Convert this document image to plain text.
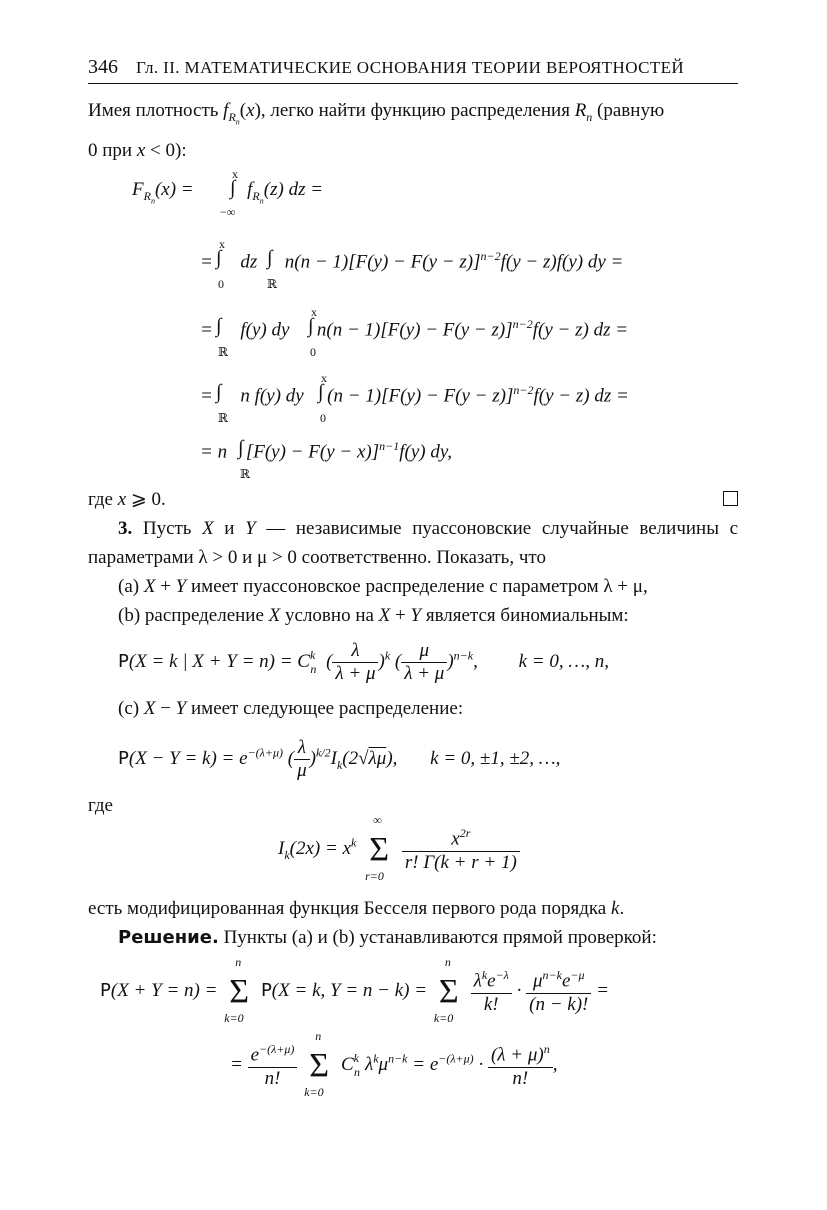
346 Гл. II. МАТЕМАТИЧЕСКИЕ ОСНОВАНИЯ ТЕОРИИ ВЕРОЯТНОСТЕЙ

Имея плотность $f_{R_n}(x)$, легко найти функцию распределения $R_n$ (равную
0 при x < 0):

$F_{R_n}(x)$ =	$f_{R_n}(z)$ dz =
x
∫
−∞
=  dz $n(n - 1)[F(y) - F(y - z)]^{n-2}f(y - z)f(y)$ dy =
x
∫
0
∫
ℝ
=  f(y) dy $n(n - 1)[F(y) - F(y - z)]^{n-2}f(y - z)$ dz =
∫
ℝ
x
∫
0
=  n f(y) dy  $(n - 1)[F(y) - F(y - z)]^{n-2}f(y - z)$ dz =
∫
ℝ
x
∫
0
= n $[F(y) - F(y - x)]^{n-1}f(y)$ dy,
∫
ℝ

где x ⩾ 0.

3. Пусть X и Y — независимые пуассоновские случайные величины с параметрами λ > 0 и μ > 0 соответственно. Показать, что

(a) X + Y имеет пуассоновское распределение с параметром λ + μ,

(b) распределение X условно на X + Y является биномиальным:

P(X = k | $X + Y = n) = C^k_n$ ( $\frac{\lambda}{\lambda + \mu} )^k$ ( $\frac{\mu}{\lambda + \mu} )^{n-k}$, k = 0, …, n,

(c) X − Y имеет следующее распределение:

$P(X - Y = k) = e^{-(\lambda+\mu)}$ ( $\frac{\lambda}{\mu} )^{k/2}I_k(2√\lambda\mu)$, k = 0, ±1, ±2, …,

где

$I_k(2x) = x^k$
∞
Σ
r=0

$\frac{x^{2r}}{r! \Gamma(k + r + 1)}$

есть модифицированная функция Бесселя первого рода порядка k.

Решение. Пункты (a) и (b) устанавливаются прямой проверкой:

P(X + Y = n) =
n
Σ
k=0
P(X = k, Y = n − k) =
n
Σ
k=0

$\frac{\lambda^ke^{-\lambda}}{k!} \cdot \frac{\mu^{n-k}e^{-\mu}}{(n - k)!}$ =
= $\frac{e^{-(\lambda+\mu)}}{n!}$

n
Σ
k=0
$C^k_n$ $\lambda^k\mu^{n-k} = e^{-(\lambda+\mu)} \cdot \frac{(\lambda + \mu)^n}{n!}$ ,
